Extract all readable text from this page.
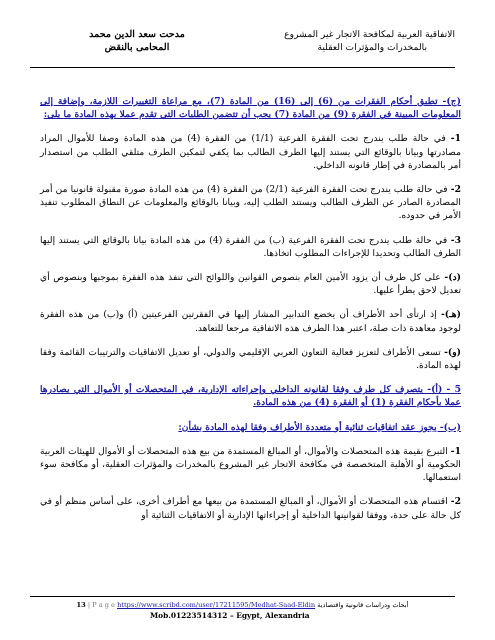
الاتفاقية العربية لمكافحة الاتجار غير المشروع
بالمخدرات والمؤثرات العقلية
مدحت سعد الدين محمد
المحامى بالنقض
(ج)- تطبق أحكام الفقرات من (6) إلى (16) من المادة (7)، مع مراعاة التغييرات اللازمة، وإضافة إلى المعلومات المبينة في الفقرة (9) من المادة (7) يجب أن تتضمن الطلبات التى تقدم عملا بهذه المادة ما يلى:
1- في حالة طلب يندرج تحت الفقرة الفرعية (1/1) من الفقرة (4) من هذه المادة وصفا للأموال المراد مصادرتها وبيانا بالوقائع التي يستند إليها الطرف الطالب بما يكفي لتمكين الطرف متلقي الطلب من استصدار أمر بالمصادرة في إطار قانونه الداخلي.
2- في حالة طلب يندرج تحت الفقرة الفرعية (2/1) من الفقرة (4) من هذه المادة صورة مقبولة قانونيا من أمر المصادرة الصادر عن الطرف الطالب ويستند الطلب إليه، وبيانا بالوقائع والمعلومات عن النطاق المطلوب تنفيذ الأمر في حدوده.
3- في حالة طلب يندرج تحت الفقرة الفرعية (ب) من الفقرة (4) من هذه المادة بيانا بالوقائع التي يستند إليها الطرف الطالب وتحديدا للإجراءات المطلوب اتخاذها.
(د)- على كل طرف أن يزود الأمين العام بنصوص القوانين واللوائح التي تنفذ هذه الفقرة بموجبها وبنصوص أي تعديل لاحق يطرأ عليها.
(هـ)- إذ ارتأى أحد الأطراف أن يخضع التدابير المشار إليها في الفقرتين الفرعيتين (أ) و(ب) من هذه الفقرة لوجود معاهدة ذات صلة، اعتبر هذا الطرف هذه الاتفاقية مرجعا للتعاهد.
(و)- تسعى الأطراف لتعزيز فعالية التعاون العربي الإقليمي والدولي، أو تعديل الاتفاقيات والترتيبات القائمة وفقا لهذه المادة.
5 - (أ)- يتصرف كل طرف وفقا لقانونه الداخلي وإجراءاته الإدارية، في المتحصلات أو الأموال التي يصادرها عملا بأحكام الفقرة (1) أو الفقرة (4) من هذه المادة.
(ب)- يجوز عقد اتفاقيات ثنائية أو متعددة الأطراف وفقا لهذه المادة بشأن:
1- التبرع بقيمة هذه المتحصلات والأموال، أو المبالغ المستمدة من بيع هذه المتحصلات أو الأموال للهيئات العربية الحكومية أو الأهلية المتخصصة في مكافحة الاتجار غير المشروع بالمخدرات والمؤثرات العقلية، أو مكافحة سوء استعمالها.
2- اقتسام هذه المتحصلات أو الأموال، أو المبالغ المستمدة من بيعها مع أطراف أخرى، على أساس منظم أو في كل حالة على حدة، ووفقا لقوانينها الداخلية أو إجراءاتها الإدارية أو الاتفاقيات الثنائية أو
13 | P a g e https://www.scribd.com/user/17211595/Medhat-Saad-Eldin أبحاث ودراسات قانونية واقتصادية
Mob.01223514312 – Egypt, Alexandria
